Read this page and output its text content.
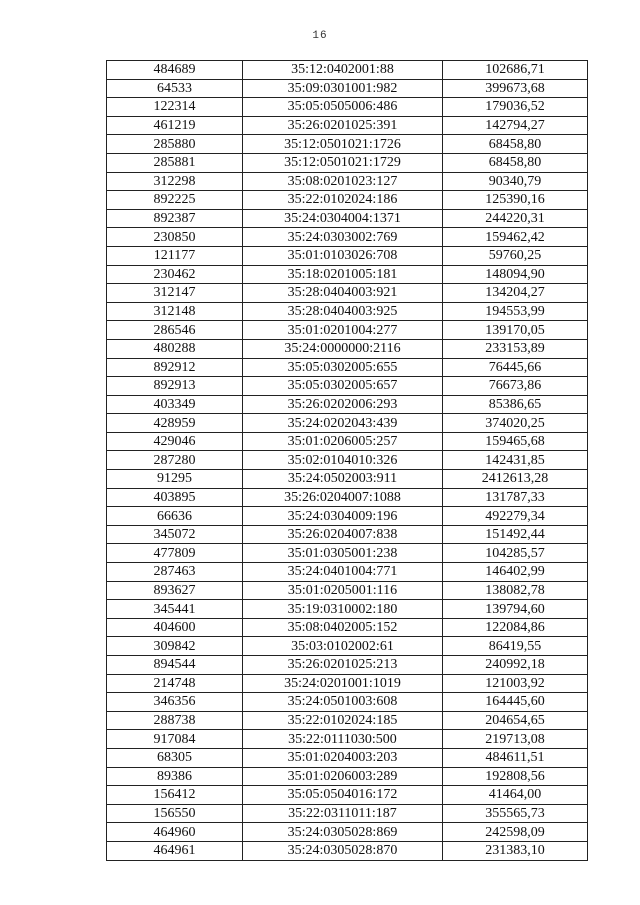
16
484689	35:12:0402001:88	102686,71
64533	35:09:0301001:982	399673,68
122314	35:05:0505006:486	179036,52
461219	35:26:0201025:391	142794,27
285880	35:12:0501021:1726	68458,80
285881	35:12:0501021:1729	68458,80
312298	35:08:0201023:127	90340,79
892225	35:22:0102024:186	125390,16
892387	35:24:0304004:1371	244220,31
230850	35:24:0303002:769	159462,42
121177	35:01:0103026:708	59760,25
230462	35:18:0201005:181	148094,90
312147	35:28:0404003:921	134204,27
312148	35:28:0404003:925	194553,99
286546	35:01:0201004:277	139170,05
480288	35:24:0000000:2116	233153,89
892912	35:05:0302005:655	76445,66
892913	35:05:0302005:657	76673,86
403349	35:26:0202006:293	85386,65
428959	35:24:0202043:439	374020,25
429046	35:01:0206005:257	159465,68
287280	35:02:0104010:326	142431,85
91295	35:24:0502003:911	2412613,28
403895	35:26:0204007:1088	131787,33
66636	35:24:0304009:196	492279,34
345072	35:26:0204007:838	151492,44
477809	35:01:0305001:238	104285,57
287463	35:24:0401004:771	146402,99
893627	35:01:0205001:116	138082,78
345441	35:19:0310002:180	139794,60
404600	35:08:0402005:152	122084,86
309842	35:03:0102002:61	86419,55
894544	35:26:0201025:213	240992,18
214748	35:24:0201001:1019	121003,92
346356	35:24:0501003:608	164445,60
288738	35:22:0102024:185	204654,65
917084	35:22:0111030:500	219713,08
68305	35:01:0204003:203	484611,51
89386	35:01:0206003:289	192808,56
156412	35:05:0504016:172	41464,00
156550	35:22:0311011:187	355565,73
464960	35:24:0305028:869	242598,09
464961	35:24:0305028:870	231383,10
